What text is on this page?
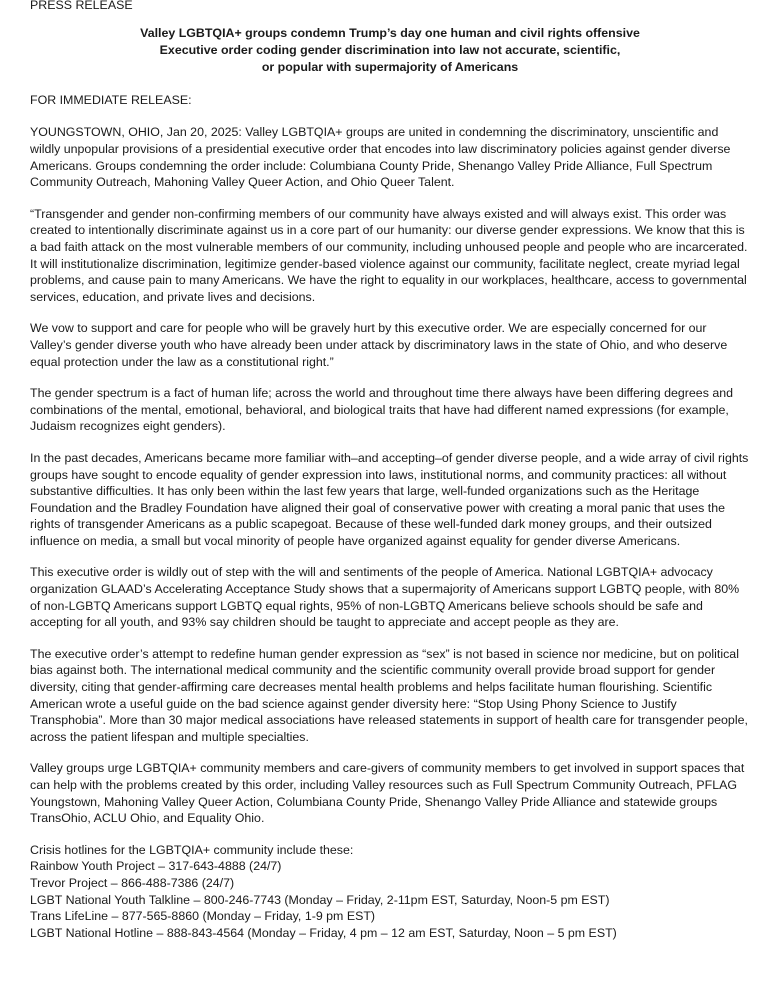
PRESS RELEASE

Valley LGBTQIA+ groups condemn Trump’s day one human and civil rights offensive
Executive order coding gender discrimination into law not accurate, scientific,
or popular with supermajority of Americans

FOR IMMEDIATE RELEASE:

YOUNGSTOWN, OHIO, Jan 20, 2025: Valley LGBTQIA+ groups are united in condemning the discriminatory, unscientific and wildly unpopular provisions of a presidential executive order that encodes into law discriminatory policies against gender diverse Americans. Groups condemning the order include: Columbiana County Pride, Shenango Valley Pride Alliance, Full Spectrum Community Outreach, Mahoning Valley Queer Action, and Ohio Queer Talent.

“Transgender and gender non-confirming members of our community have always existed and will always exist. This order was created to intentionally discriminate against us in a core part of our humanity: our diverse gender expressions. We know that this is a bad faith attack on the most vulnerable members of our community, including unhoused people and people who are incarcerated. It will institutionalize discrimination, legitimize gender-based violence against our community, facilitate neglect, create myriad legal problems, and cause pain to many Americans. We have the right to equality in our workplaces, healthcare, access to governmental services, education, and private lives and decisions.

We vow to support and care for people who will be gravely hurt by this executive order. We are especially concerned for our Valley’s gender diverse youth who have already been under attack by discriminatory laws in the state of Ohio, and who deserve equal protection under the law as a constitutional right.”

The gender spectrum is a fact of human life; across the world and throughout time there always have been differing degrees and combinations of the mental, emotional, behavioral, and biological traits that have had different named expressions (for example, Judaism recognizes eight genders).

In the past decades, Americans became more familiar with–and accepting–of gender diverse people, and a wide array of civil rights groups have sought to encode equality of gender expression into laws, institutional norms, and community practices: all without substantive difficulties. It has only been within the last few years that large, well-funded organizations such as the Heritage Foundation and the Bradley Foundation have aligned their goal of conservative power with creating a moral panic that uses the rights of transgender Americans as a public scapegoat. Because of these well-funded dark money groups, and their outsized influence on media, a small but vocal minority of people have organized against equality for gender diverse Americans.

This executive order is wildly out of step with the will and sentiments of the people of America. National LGBTQIA+ advocacy organization GLAAD’s Accelerating Acceptance Study shows that a supermajority of Americans support LGBTQ people, with 80% of non-LGBTQ Americans support LGBTQ equal rights, 95% of non-LGBTQ Americans believe schools should be safe and accepting for all youth, and 93% say children should be taught to appreciate and accept people as they are.

The executive order’s attempt to redefine human gender expression as “sex” is not based in science nor medicine, but on political bias against both. The international medical community and the scientific community overall provide broad support for gender diversity, citing that gender-affirming care decreases mental health problems and helps facilitate human flourishing. Scientific American wrote a useful guide on the bad science against gender diversity here: “Stop Using Phony Science to Justify Transphobia”. More than 30 major medical associations have released statements in support of health care for transgender people, across the patient lifespan and multiple specialties.

Valley groups urge LGBTQIA+ community members and care-givers of community members to get involved in support spaces that can help with the problems created by this order, including Valley resources such as Full Spectrum Community Outreach, PFLAG Youngstown, Mahoning Valley Queer Action, Columbiana County Pride, Shenango Valley Pride Alliance and statewide groups TransOhio, ACLU Ohio, and Equality Ohio.

Crisis hotlines for the LGBTQIA+ community include these:

Rainbow Youth Project – 317-643-4888 (24/7)

Trevor Project – 866-488-7386 (24/7)

LGBT National Youth Talkline – 800-246-7743 (Monday – Friday, 2-11pm EST, Saturday, Noon-5 pm EST)

Trans LifeLine – 877-565-8860 (Monday – Friday, 1-9 pm EST)

LGBT National Hotline – 888-843-4564 (Monday – Friday, 4 pm – 12 am EST, Saturday, Noon – 5 pm EST)
